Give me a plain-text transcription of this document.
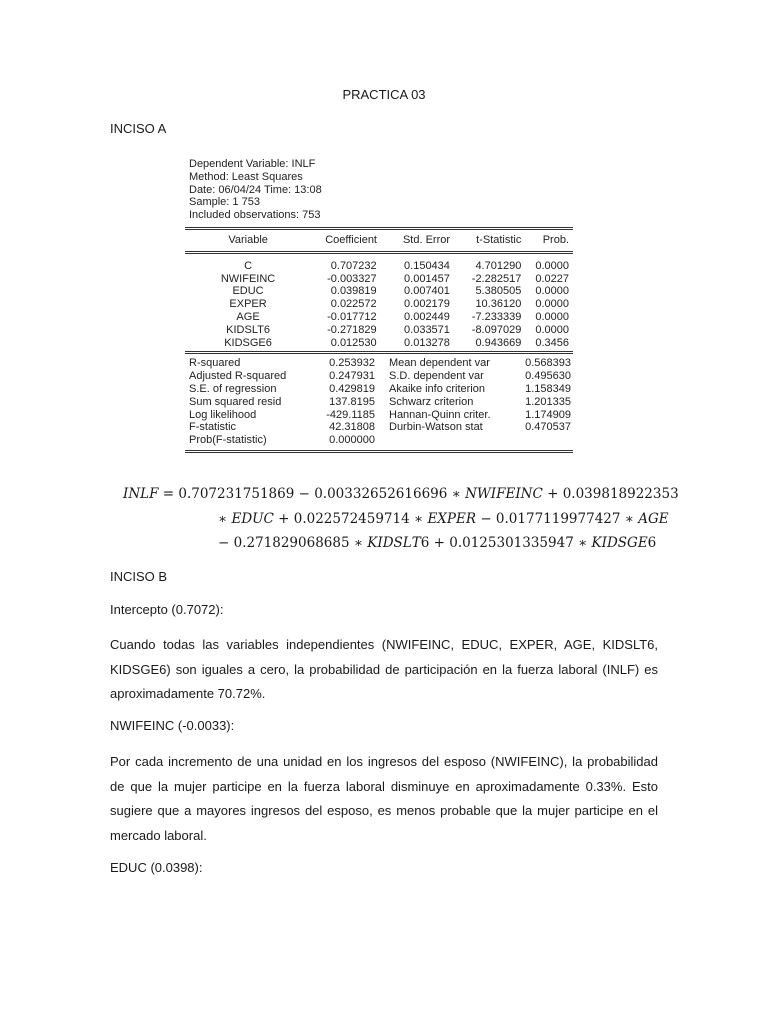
PRACTICA 03
INCISO A
Dependent Variable: INLF
Method: Least Squares
Date: 06/04/24 Time: 13:08
Sample: 1 753
Included observations: 753
Variable	Coefficient	Std. Error	t-Statistic	Prob.
C	0.707232	0.150434	4.701290	0.0000
NWIFEINC	-0.003327	0.001457	-2.282517	0.0227
EDUC	0.039819	0.007401	5.380505	0.0000
EXPER	0.022572	0.002179	10.36120	0.0000
AGE	-0.017712	0.002449	-7.233339	0.0000
KIDSLT6	-0.271829	0.033571	-8.097029	0.0000
KIDSGE6	0.012530	0.013278	0.943669	0.3456
R-squared	0.253932	Mean dependent var	0.568393
Adjusted R-squared	0.247931	S.D. dependent var	0.495630
S.E. of regression	0.429819	Akaike info criterion	1.158349
Sum squared resid	137.8195	Schwarz criterion	1.201335
Log likelihood	-429.1185	Hannan-Quinn criter.	1.174909
F-statistic	42.31808	Durbin-Watson stat	0.470537
Prob(F-statistic)	0.000000		
𝐼𝑁𝐿𝐹 = 0.707231751869 − 0.00332652616696 ∗ 𝑁𝑊𝐼𝐹𝐸𝐼𝑁𝐶 + 0.039818922353
∗ 𝐸𝐷𝑈𝐶 + 0.022572459714 ∗ 𝐸𝑋𝑃𝐸𝑅 − 0.0177119977427 ∗ 𝐴𝐺𝐸
− 0.271829068685 ∗ 𝐾𝐼𝐷𝑆𝐿𝑇6 + 0.0125301335947 ∗ 𝐾𝐼𝐷𝑆𝐺𝐸6
INCISO B
Intercepto (0.7072):
Cuando todas las variables independientes (NWIFEINC, EDUC, EXPER, AGE, KIDSLT6, KIDSGE6) son iguales a cero, la probabilidad de participación en la fuerza laboral (INLF) es aproximadamente 70.72%.
NWIFEINC (-0.0033):
Por cada incremento de una unidad en los ingresos del esposo (NWIFEINC), la probabilidad de que la mujer participe en la fuerza laboral disminuye en aproximadamente 0.33%. Esto sugiere que a mayores ingresos del esposo, es menos probable que la mujer participe en el mercado laboral.
EDUC (0.0398):
